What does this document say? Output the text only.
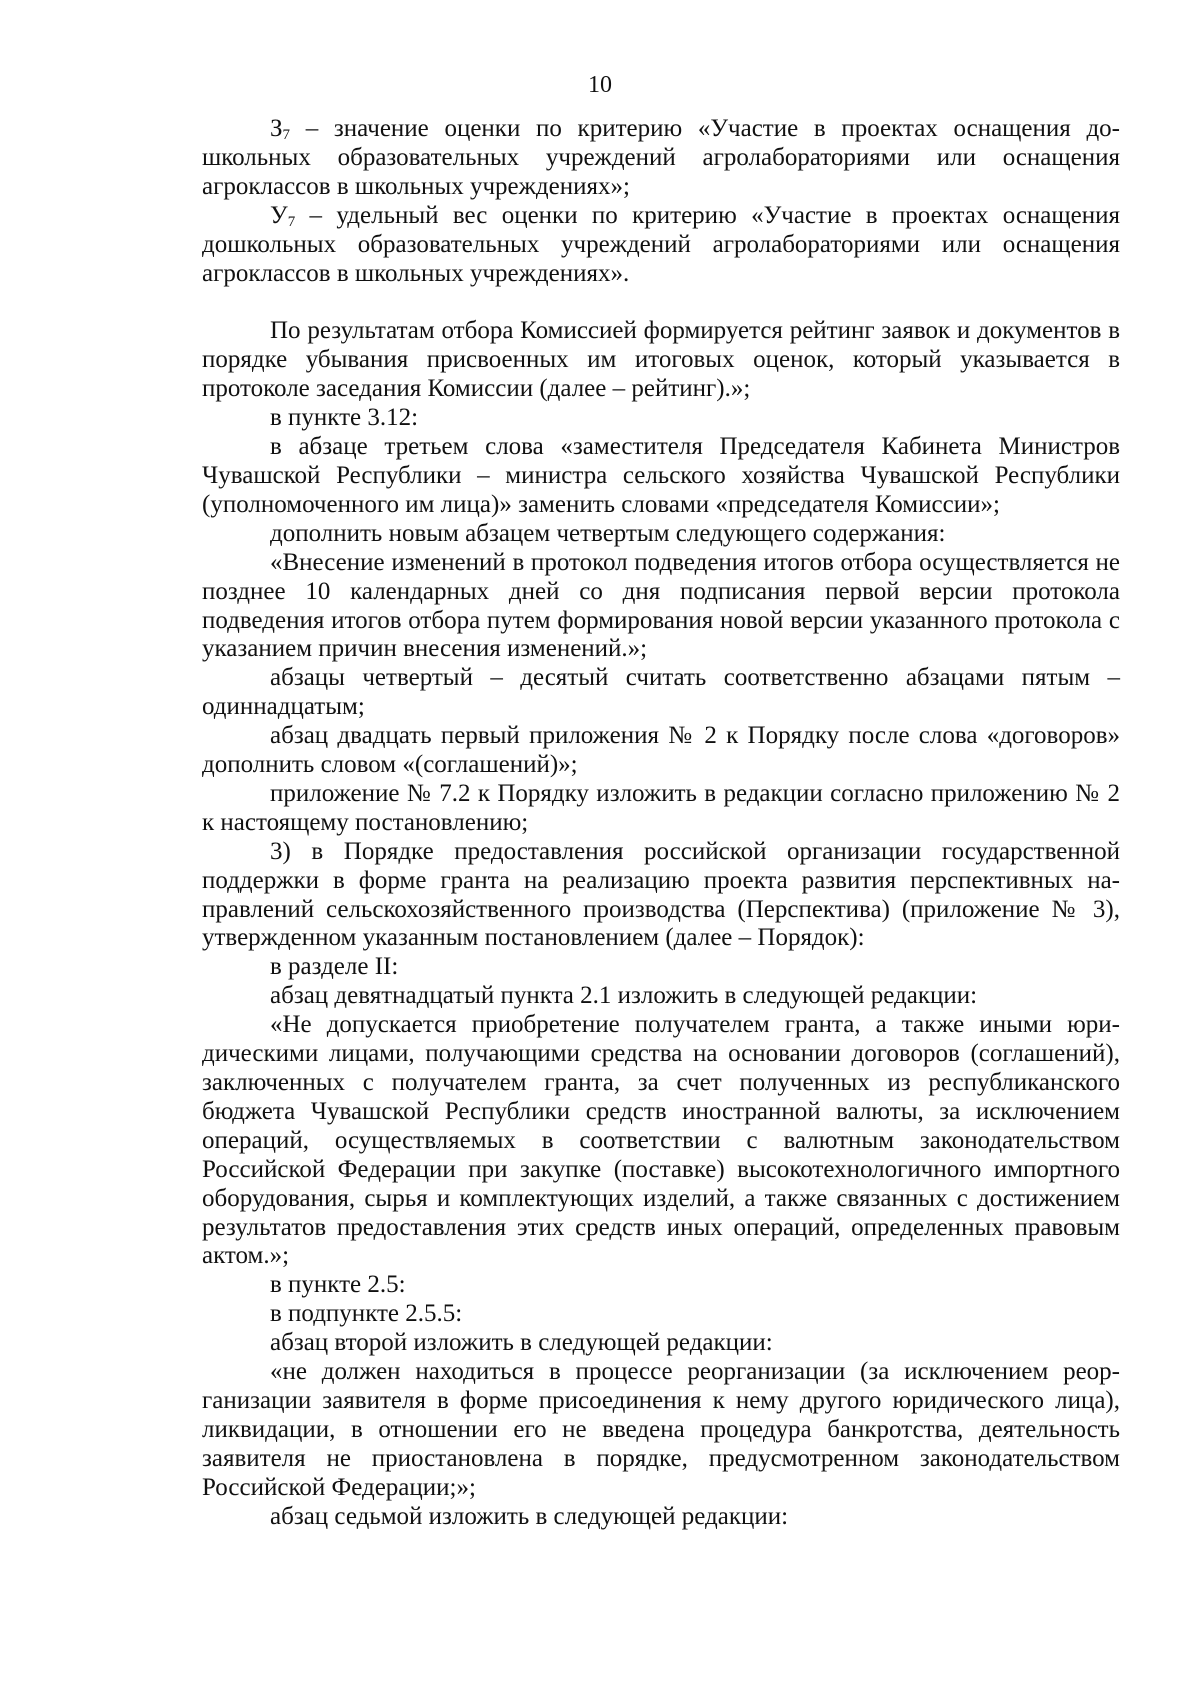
10

$З_7$ – значение оценки по критерию «Участие в проектах оснащения дошкольных образовательных учреждений агролабораториями или оснащения агроклассов в школьных учреждениях»;

$У_7$ – удельный вес оценки по критерию «Участие в проектах оснащения дошкольных образовательных учреждений агролабораториями или оснащения агроклассов в школьных учреждениях».

По результатам отбора Комиссией формируется рейтинг заявок и документов в порядке убывания присвоенных им итоговых оценок, который указывается в протоколе заседания Комиссии (далее – рейтинг).»;

в пункте 3.12:

в абзаце третьем слова «заместителя Председателя Кабинета Министров Чувашской Республики – министра сельского хозяйства Чувашской Республики (уполномоченного им лица)» заменить словами «председателя Комиссии»;

дополнить новым абзацем четвертым следующего содержания:

«Внесение изменений в протокол подведения итогов отбора осуществляется не позднее 10 календарных дней со дня подписания первой версии протокола подведения итогов отбора путем формирования новой версии указанного протокола с указанием причин внесения изменений.»;

абзацы четвертый – десятый считать соответственно абзацами пятым – одиннадцатым;

абзац двадцать первый приложения № 2 к Порядку после слова «договоров» дополнить словом «(соглашений)»;

приложение № 7.2 к Порядку изложить в редакции согласно приложению № 2 к настоящему постановлению;

3) в Порядке предоставления российской организации государственной поддержки в форме гранта на реализацию проекта развития перспективных направлений сельскохозяйственного производства (Перспектива) (приложение № 3), утвержденном указанным постановлением (далее – Порядок):

в разделе II:

абзац девятнадцатый пункта 2.1 изложить в следующей редакции:

«Не допускается приобретение получателем гранта, а также иными юридическими лицами, получающими средства на основании договоров (соглашений), заключенных с получателем гранта, за счет полученных из республиканского бюджета Чувашской Республики средств иностранной валюты, за исключением операций, осуществляемых в соответствии с валютным законодательством Российской Федерации при закупке (поставке) высокотехнологичного импортного оборудования, сырья и комплектующих изделий, а также связанных с достижением результатов предоставления этих средств иных операций, определенных правовым актом.»;

в пункте 2.5:

в подпункте 2.5.5:

абзац второй изложить в следующей редакции:

«не должен находиться в процессе реорганизации (за исключением реорганизации заявителя в форме присоединения к нему другого юридического лица), ликвидации, в отношении его не введена процедура банкротства, деятельность заявителя не приостановлена в порядке, предусмотренном законодательством Российской Федерации;»;

абзац седьмой изложить в следующей редакции:
